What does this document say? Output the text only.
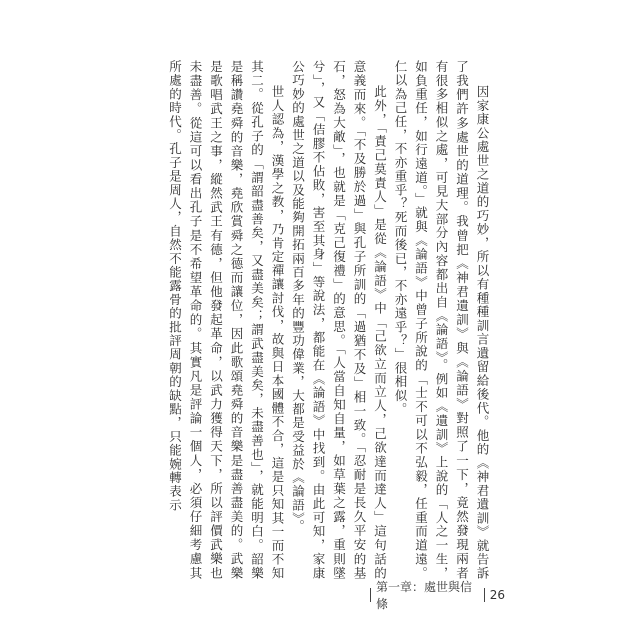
因家康公處世之道的巧妙，所以有種種訓言遺留給後代。他的《神君遺訓》就告訴了我們許多處世的道理。我曾把《神君遺訓》與《論語》對照了一下，竟然發現兩者有很多相似之處，可見大部分內容都出自《論語》。例如《遺訓》上說的「人之一生，如負重任，如行遠道。」就與《論語》中曾子所說的「士不可以不弘毅，任重而道遠。仁以為己任，不亦重乎？死而後已，不亦遠乎？」很相似。

此外，「責己莫責人」是從《論語》中「己欲立而立人，己欲達而達人」這句話的意義而來。「不及勝於過」與孔子所訓的「過猶不及」相一致。「忍耐是長久平安的基石，怒為大敵」，也就是「克己復禮」的意思。「人當自知自量，如草葉之露，重則墜兮」，又「佶膠不佔敗，害至其身」等說法，都能在《論語》中找到。由此可知，家康公巧妙的處世之道以及能夠開拓兩百多年的豐功偉業，大都是受益於《論語》。

世人認為，漢學之教，乃肯定禪讓討伐，故與日本國體不合，這是只知其一而不知其二。從孔子的「謂韶盡善矣，又盡美矣；謂武盡美矣，未盡善也」，就能明白。韶樂是稱讚堯舜的音樂，堯欣賞舜之德而讓位，因此歌頌堯舜的音樂是盡善盡美的。武樂是歌唱武王之事，縱然武王有德，但他發起革命，以武力獲得天下，所以評價武樂也未盡善。從這可以看出孔子是不希望革命的。其實凡是評論一個人，必須仔細考慮其所處的時代。孔子是周人，自然不能露骨的批評周朝的缺點，只能婉轉表示

第一章：處世與信條
26
